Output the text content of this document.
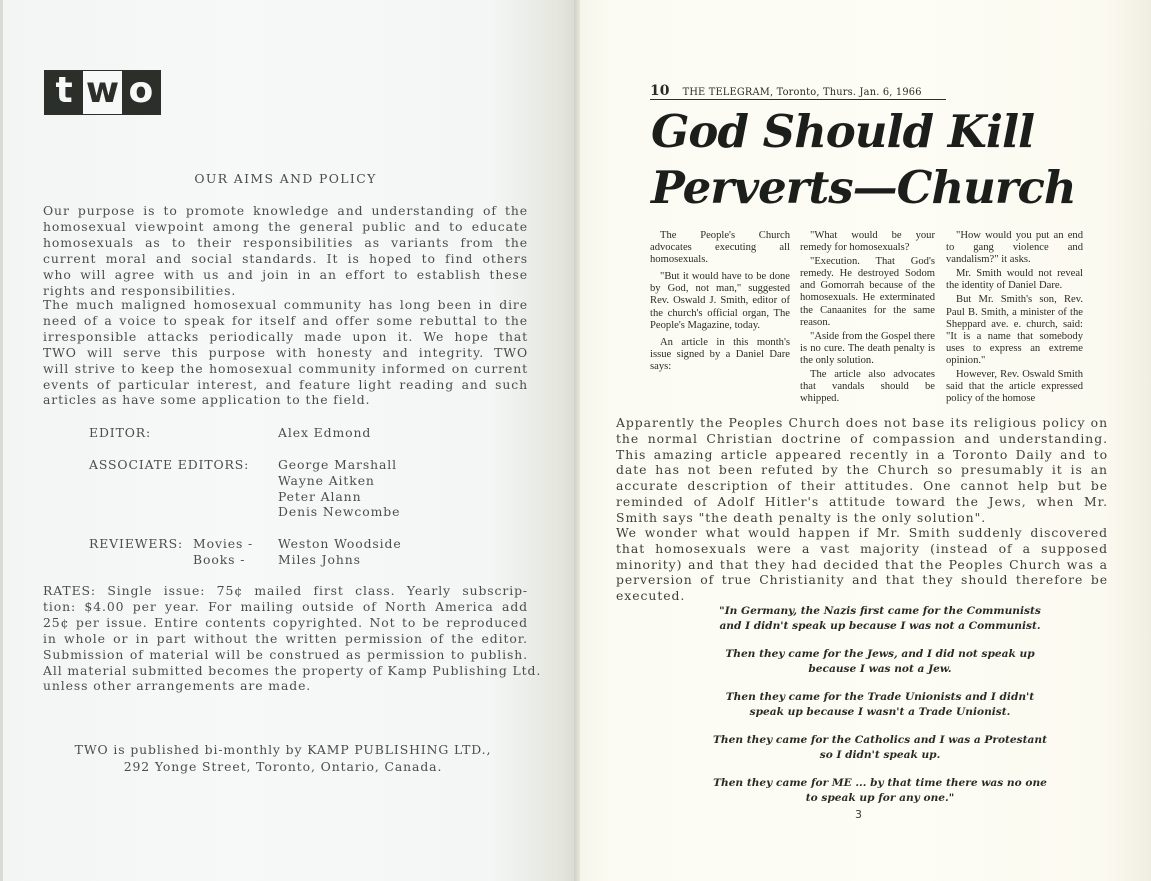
t w o
OUR AIMS AND POLICY
Our purpose is to promote knowledge and understanding of the
homosexual viewpoint among the general public and to educate
homosexuals as to their responsibilities as variants from the
current moral and social standards. It is hoped to find others
who will agree with us and join in an effort to establish these
rights and responsibilities.
The much maligned homosexual community has long been in dire
need of a voice to speak for itself and offer some rebuttal to the
irresponsible attacks periodically made upon it. We hope that
TWO will serve this purpose with honesty and integrity. TWO
will strive to keep the homosexual community informed on current
events of particular interest, and feature light reading and such
articles as have some application to the field.
EDITOR:	Alex Edmond
ASSOCIATE EDITORS: George Marshall
Wayne Aitken
Peter Alann
Denis Newcombe
REVIEWERS: Movies - Weston Woodside
Books -	Miles Johns
RATES: Single issue: 75¢ mailed first class. Yearly subscrip-
tion: $4.00 per year. For mailing outside of North America add
25¢ per issue. Entire contents copyrighted. Not to be reproduced
in whole or in part without the written permission of the editor.
Submission of material will be construed as permission to publish.
All material submitted becomes the property of Kamp Publishing Ltd.
unless other arrangements are made.
TWO is published bi-monthly by KAMP PUBLISHING LTD.,
292 Yonge Street, Toronto, Ontario, Canada.
10 THE TELEGRAM, Toronto, Thurs. Jan. 6, 1966
God Should Kill
Perverts—Church

The People's Church advocates executing all homosexuals.

"But it would have to be done by God, not man," suggested Rev. Oswald J. Smith, editor of the church's official organ, The People's Magazine, today.

An article in this month's issue signed by a Daniel Dare says:

"What would be your remedy for homosexuals?

"Execution. That God's remedy. He destroyed Sodom and Gomorrah because of the homosexuals. He exterminated the Canaanites for the same reason.

"Aside from the Gospel there is no cure. The death penalty is the only solution.

The article also advocates that vandals should be whipped.

"How would you put an end to gang violence and vandalism?" it asks.

Mr. Smith would not reveal the identity of Daniel Dare.

But Mr. Smith's son, Rev. Paul B. Smith, a minister of the Sheppard ave. e. church, said: "It is a name that somebody uses to express an extreme opinion."

However, Rev. Oswald Smith said that the article expressed policy of the homose

Apparently the Peoples Church does not base its religious policy on the normal Christian doctrine of compassion and understanding. This amazing article appeared recently in a Toronto Daily and to date has not been refuted by the Church so presumably it is an accurate description of their attitudes. One cannot help but be reminded of Adolf Hitler's attitude toward the Jews, when Mr. Smith says "the death penalty is the only solution".

We wonder what would happen if Mr. Smith suddenly discovered that homosexuals were a vast majority (instead of a supposed minority) and that they had decided that the Peoples Church was a perversion of true Christianity and that they should therefore be executed.

"In Germany, the Nazis first came for the Communists
and I didn't speak up because I was not a Communist.
Then they came for the Jews, and I did not speak up
because I was not a Jew.
Then they came for the Trade Unionists and I didn't
speak up because I wasn't a Trade Unionist.
Then they came for the Catholics and I was a Protestant
so I didn't speak up.
Then they came for ME ... by that time there was no one
to speak up for any one."
3
